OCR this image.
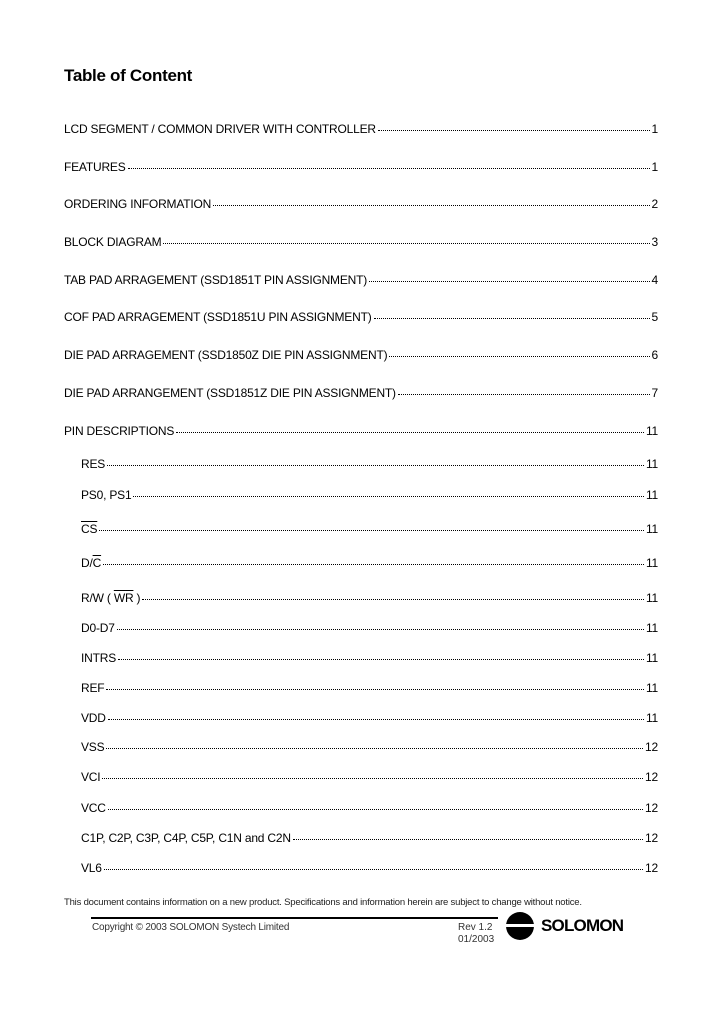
Table of Content
LCD SEGMENT / COMMON DRIVER WITH CONTROLLER	1
FEATURES	1
ORDERING INFORMATION	2
BLOCK DIAGRAM	3
TAB PAD ARRAGEMENT (SSD1851T PIN ASSIGNMENT)	4
COF PAD ARRAGEMENT (SSD1851U PIN ASSIGNMENT)	5
DIE PAD ARRAGEMENT (SSD1850Z DIE PIN ASSIGNMENT)	6
DIE PAD ARRANGEMENT (SSD1851Z DIE PIN ASSIGNMENT)	7
PIN DESCRIPTIONS	11
RES	11
PS0, PS1	11
$\overline{CS}$	11
$D/\overline{C}$	11
R/W ( $\overline{WR}$ )	11
D0-D7	11
INTRS	11
REF	11
VDD	11
VSS	12
VCI	12
VCC	12
C1P, C2P, C3P, C4P, C5P, C1N and C2N	12
VL6	12
This document contains information on a new product. Specifications and information herein are subject to change without notice.
Copyright © 2003 SOLOMON Systech Limited	Rev 1.2
01/2003
SOLOMON
